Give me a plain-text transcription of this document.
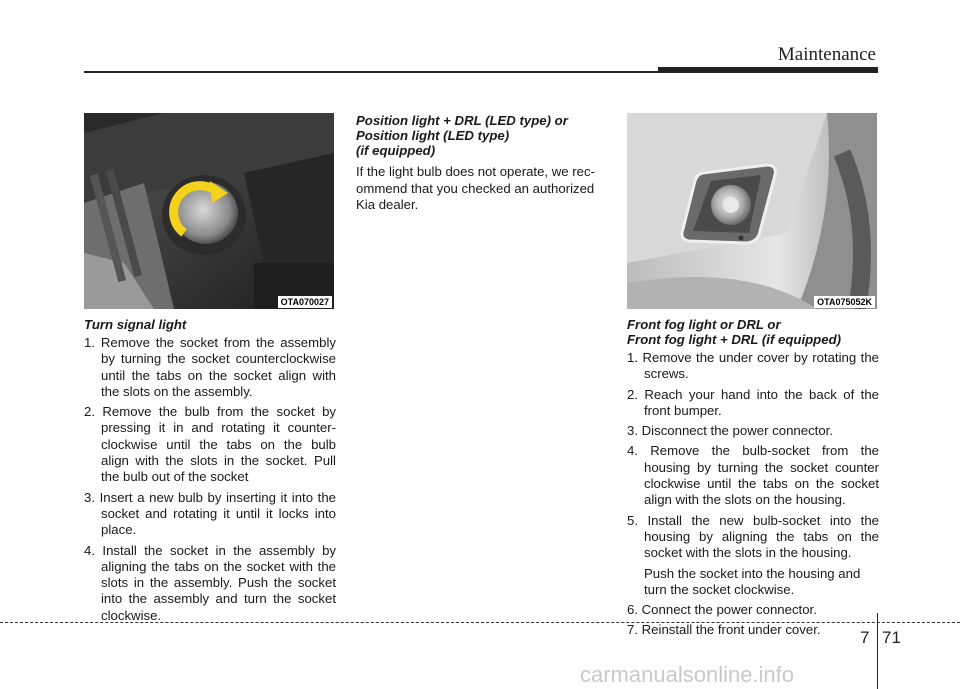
Maintenance
OTA070027

Turn signal light

1. Remove the socket from the assembly by turning the socket counterclockwise until the tabs on the socket align with the slots on the assembly.
2. Remove the bulb from the socket by pressing it in and rotating it counter-clockwise until the tabs on the bulb align with the slots in the socket. Pull the bulb out of the socket
3. Insert a new bulb by inserting it into the socket and rotating it until it locks into place.
4. Install the socket in the assembly by aligning the tabs on the socket with the slots in the assembly. Push the socket into the assembly and turn the socket clockwise.

Position light + DRL (LED type) or

Position light (LED type)

(if equipped)

If the light bulb does not operate, we rec-ommend that you checked an authorized Kia dealer.

OTA075052K

Front fog light or DRL or

Front fog light + DRL (if equipped)

1. Remove the under cover by rotating the screws.
2. Reach your hand into the back of the front bumper.
3. Disconnect the power connector.
4. Remove the bulb-socket from the housing by turning the socket counter clockwise until the tabs on the socket align with the slots on the housing.
5. Install the new bulb-socket into the housing by aligning the tabs on the socket with the slots in the housing.

Push the socket into the housing and turn the socket clockwise.

6. Connect the power connector.
7. Reinstall the front under cover.	7 71
carmanualsonline.info
